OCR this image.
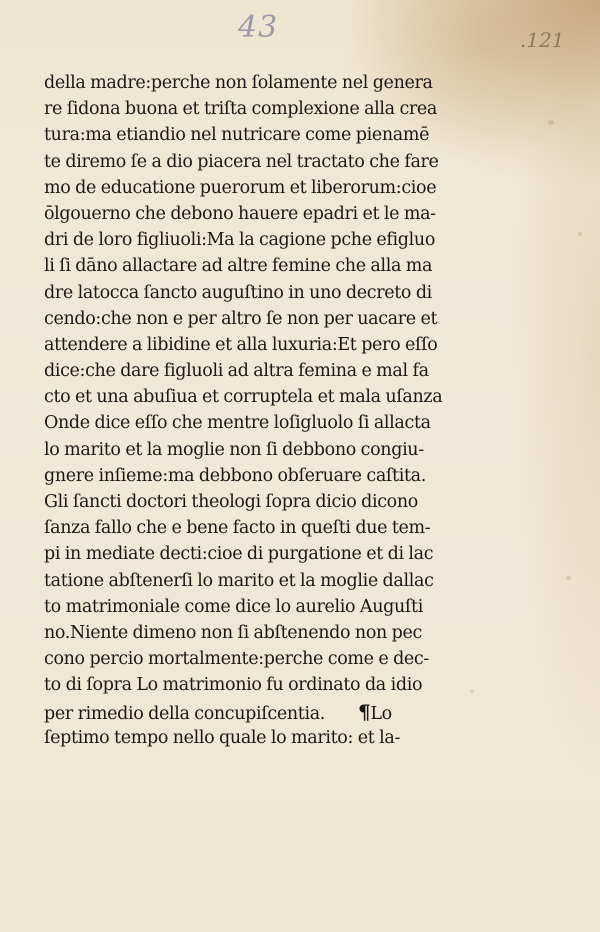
43	.121
della madre:perche non ſolamente nel genera
re ſidona buona et triſta complexione alla crea
tura:ma etiandio nel nutricare come pienamē
te diremo ſe a dio piacera nel tractato che fare
mo de educatione puerorum et liberorum:cioe
ōlgouerno che debono hauere epadri et le ma-
dri de loro figliuoli:Ma la cagione pche efigluo
li ſi dāno allactare ad altre femine che alla ma
dre latocca ſancto auguſtino in uno decreto di
cendo:che non e per altro ſe non per uacare et
attendere a libidine et alla luxuria:Et pero eſſo
dice:che dare figluoli ad altra femina e mal fa
cto et una abuſiua et corruptela et mala uſanza
Onde dice eſſo che mentre loſigluolo ſi allacta
lo marito et la moglie non ſi debbono congiu-
gnere inſieme:ma debbono obſeruare caſtita.
Gli ſancti doctori theologi ſopra dicio dicono
ſanza fallo che e bene facto in queſti due tem-
pi in mediate decti:cioe di purgatione et di lac
tatione abſtenerſi lo marito et la moglie dallac
to matrimoniale come dice lo aurelio Auguſti
no.Niente dimeno non ſi abſtenendo non pec
cono percio mortalmente:perche come e dec-
to di ſopra Lo matrimonio fu ordinato da idio
per rimedio della concupiſcentia. ¶Lo
ſeptimo tempo nello quale lo marito: et la-
